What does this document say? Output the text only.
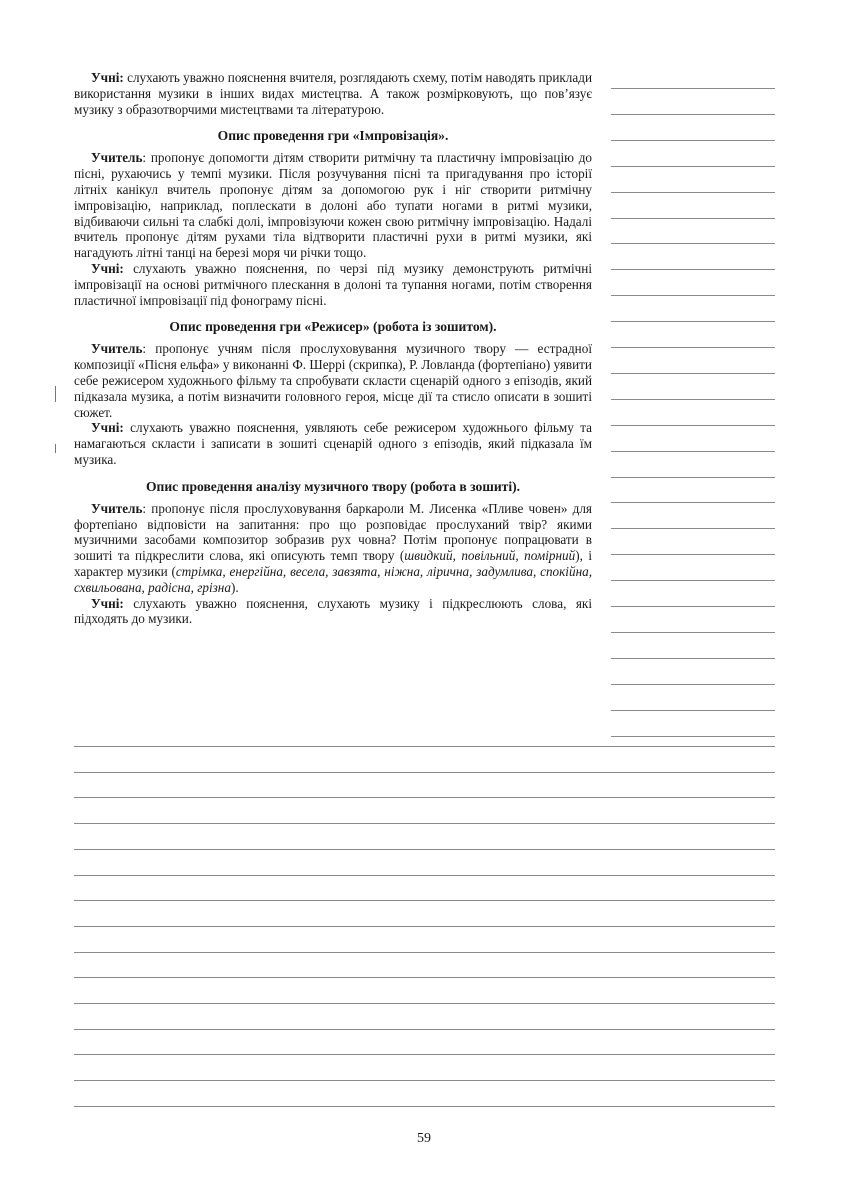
Учні: слухають уважно пояснення вчителя, розглядають схему, потім наводять приклади використання музики в інших видах мистецтва. А також розмірковують, що пов’язує музику з образотворчими мистецтвами та літературою.

Опис проведення гри «Імпровізація».

Учитель: пропонує допомогти дітям створити ритмічну та пластичну імпровізацію до пісні, рухаючись у темпі музики. Після розучування пісні та пригадування про історії літніх канікул вчитель пропонує дітям за допомогою рук і ніг створити ритмічну імпровізацію, наприклад, поплескати в долоні або тупати ногами в ритмі музики, відбиваючи сильні та слабкі долі, імпровізуючи кожен свою ритмічну імпровізацію. Надалі вчитель пропонує дітям рухами тіла відтворити пластичні рухи в ритмі музики, які нагадують літні танці на березі моря чи річки тощо.

Учні: слухають уважно пояснення, по черзі під музику демонструють ритмічні імпровізації на основі ритмічного плескання в долоні та тупання ногами, потім створення пластичної імпровізації під фонограму пісні.

Опис проведення гри «Режисер» (робота із зошитом).

Учитель: пропонує учням після прослуховування музичного твору — естрадної композиції «Пісня ельфа» у виконанні Ф. Шеррі (скрипка), Р. Ловланда (фортепіано) уявити себе режисером художнього фільму та спробувати скласти сценарій одного з епізодів, який підказала музика, а потім визначити головного героя, місце дії та стисло описати в зошиті сюжет.

Учні: слухають уважно пояснення, уявляють себе режисером художнього фільму та намагаються скласти і записати в зошиті сценарій одного з епізодів, який підказала їм музика.

Опис проведення аналізу музичного твору (робота в зошиті).

Учитель: пропонує після прослуховування баркароли М. Лисенка «Пливе човен» для фортепіано відповісти на запитання: про що розповідає прослуханий твір? якими музичними засобами композитор зобразив рух човна? Потім пропонує попрацювати в зошиті та підкреслити слова, які описують темп твору (швидкий, повільний, помірний), і характер музики (стрімка, енергійна, весела, завзята, ніжна, лірична, задумлива, спокійна, схвильована, радісна, грізна).

Учні: слухають уважно пояснення, слухають музику і підкреслюють слова, які підходять до музики.

59
